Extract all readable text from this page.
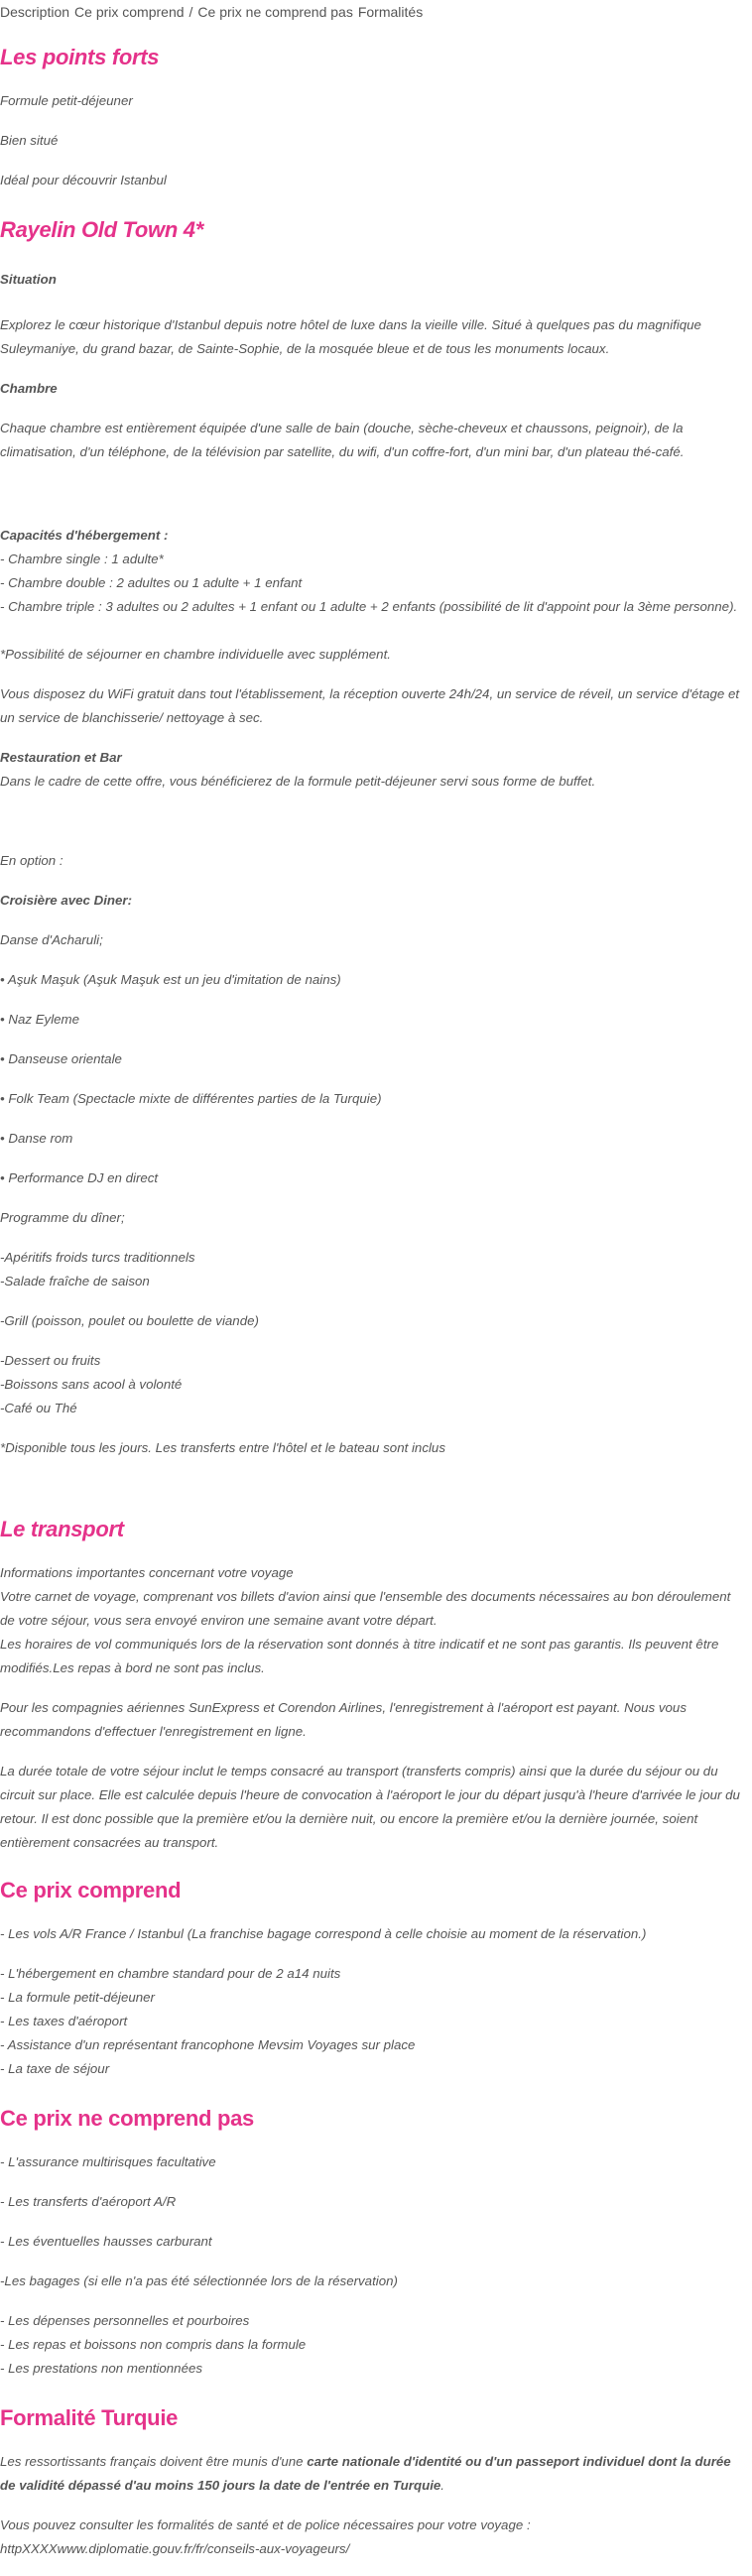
Description Ce prix comprend / Ce prix ne comprend pas Formalités
Les points forts
Formule petit-déjeuner
Bien situé
Idéal pour découvrir Istanbul
Rayelin Old Town 4*
Situation
Explorez le cœur historique d'Istanbul depuis notre hôtel de luxe dans la vieille ville. Situé à quelques pas du magnifique Suleymaniye, du grand bazar, de Sainte-Sophie, de la mosquée bleue et de tous les monuments locaux.
Chambre
Chaque chambre est entièrement équipée d'une salle de bain (douche, sèche-cheveux et chaussons, peignoir), de la climatisation, d'un téléphone, de la télévision par satellite, du wifi, d'un coffre-fort, d'un mini bar, d'un plateau thé-café.
Capacités d'hébergement :
- Chambre single : 1 adulte*
- Chambre double : 2 adultes ou 1 adulte + 1 enfant
- Chambre triple : 3 adultes ou 2 adultes + 1 enfant ou 1 adulte + 2 enfants (possibilité de lit d'appoint pour la 3ème personne).
*Possibilité de séjourner en chambre individuelle avec supplément.
Vous disposez du WiFi gratuit dans tout l'établissement, la réception ouverte 24h/24, un service de réveil, un service d'étage et un service de blanchisserie/ nettoyage à sec.
Restauration et Bar
Dans le cadre de cette offre, vous bénéficierez de la formule petit-déjeuner servi sous forme de buffet.
En option :
Croisière avec Diner:
Danse d'Acharuli;
• Aşuk Maşuk (Aşuk Maşuk est un jeu d'imitation de nains)
• Naz Eyleme
• Danseuse orientale
• Folk Team (Spectacle mixte de différentes parties de la Turquie)
• Danse rom
• Performance DJ en direct
Programme du dîner;
-Apéritifs froids turcs traditionnels
-Salade fraîche de saison
-Grill (poisson, poulet ou boulette de viande)
-Dessert ou fruits
-Boissons sans acool à volonté
-Café ou Thé
*Disponible tous les jours. Les transferts entre l'hôtel et le bateau sont inclus
Le transport
Informations importantes concernant votre voyage
Votre carnet de voyage, comprenant vos billets d'avion ainsi que l'ensemble des documents nécessaires au bon déroulement de votre séjour, vous sera envoyé environ une semaine avant votre départ.
Les horaires de vol communiqués lors de la réservation sont donnés à titre indicatif et ne sont pas garantis. Ils peuvent être modifiés.Les repas à bord ne sont pas inclus.
Pour les compagnies aériennes SunExpress et Corendon Airlines, l'enregistrement à l'aéroport est payant. Nous vous recommandons d'effectuer l'enregistrement en ligne.
La durée totale de votre séjour inclut le temps consacré au transport (transferts compris) ainsi que la durée du séjour ou du circuit sur place. Elle est calculée depuis l'heure de convocation à l'aéroport le jour du départ jusqu'à l'heure d'arrivée le jour du retour. Il est donc possible que la première et/ou la dernière nuit, ou encore la première et/ou la dernière journée, soient entièrement consacrées au transport.
Ce prix comprend
- Les vols A/R France / Istanbul (La franchise bagage correspond à celle choisie au moment de la réservation.)
- L'hébergement en chambre standard pour de 2 a14 nuits
- La formule petit-déjeuner
- Les taxes d'aéroport
- Assistance d'un représentant francophone Mevsim Voyages sur place
- La taxe de séjour
Ce prix ne comprend pas
- L'assurance multirisques facultative
- Les transferts d'aéroport A/R
- Les éventuelles hausses carburant
-Les bagages (si elle n'a pas été sélectionnée lors de la réservation)
- Les dépenses personnelles et pourboires
- Les repas et boissons non compris dans la formule
- Les prestations non mentionnées
Formalité Turquie
Les ressortissants français doivent être munis d'une carte nationale d'identité ou d'un passeport individuel dont la durée de validité dépassé d'au moins 150 jours la date de l'entrée en Turquie.
Vous pouvez consulter les formalités de santé et de police nécessaires pour votre voyage :
httpXXXXwww.diplomatie.gouv.fr/fr/conseils-aux-voyageurs/
